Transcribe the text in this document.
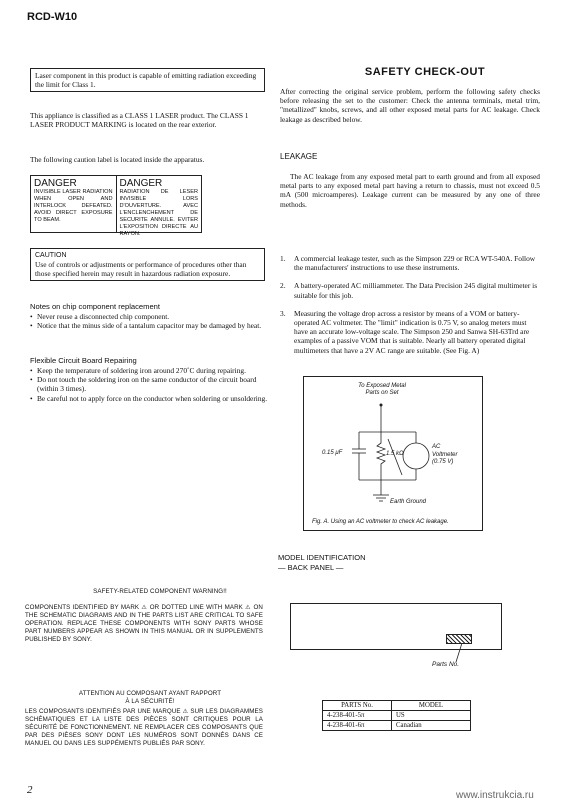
RCD-W10
Laser component in this product is capable of emitting radiation exceeding the limit for Class 1.
This appliance is classified as a CLASS 1 LASER product. The CLASS 1 LASER PRODUCT MARKING is located on the rear exterior.
The following caution label is located inside the apparatus.
DANGER
INVISIBLE LASER RADIATION WHEN OPEN AND INTERLOCK DEFEATED. AVOID DIRECT EXPOSURE TO BEAM.
DANGER
RADIATION DE LESER INVISIBLE LORS D'OUVERTURE. AVEC L'ENCLENCHEMENT DE SECURITE ANNULE. EVITER L'EXPOSITION DIRECTE AU RAYON.
CAUTION
Use of controls or adjustments or performance of procedures other than those specified herein may result in hazardous radiation exposure.
Notes on chip component replacement
• Never reuse a disconnected chip component.
• Notice that the minus side of a tantalum capacitor may be damaged by heat.
Flexible Circuit Board Repairing
• Keep the temperature of soldering iron around 270˚C during repairing.
• Do not touch the soldering iron on the same conductor of the circuit board (within 3 times).
• Be careful not to apply force on the conductor when soldering or unsoldering.
SAFETY-RELATED COMPONENT WARNING!!
COMPONENTS IDENTIFIED BY MARK ⚠ OR DOTTED LINE WITH MARK ⚠ ON THE SCHEMATIC DIAGRAMS AND IN THE PARTS LIST ARE CRITICAL TO SAFE OPERATION. REPLACE THESE COMPONENTS WITH SONY PARTS WHOSE PART NUMBERS APPEAR AS SHOWN IN THIS MANUAL OR IN SUPPLEMENTS PUBLISHED BY SONY.
ATTENTION AU COMPOSANT AYANT RAPPORT
À LA SÉCURITÉ!
LES COMPOSANTS IDENTIFIÉS PAR UNE MARQUE ⚠ SUR LES DIAGRAMMES SCHÉMATIQUES ET LA LISTE DES PIÈCES SONT CRITIQUES POUR LA SÉCURITÉ DE FONCTIONNEMENT. NE REMPLACER CES COMPOSANTS QUE PAR DES PIÈSES SONY DONT LES NUMÉROS SONT DONNÉS DANS CE MANUEL OU DANS LES SUPPÉMENTS PUBLIÉS PAR SONY.
2	www.instrukcia.ru
SAFETY CHECK-OUT
After correcting the original service problem, perform the following safety checks before releasing the set to the customer: Check the antenna terminals, metal trim, "metallized" knobs, screws, and all other exposed metal parts for AC leakage. Check leakage as described below.
LEAKAGE
The AC leakage from any exposed metal part to earth ground and from all exposed metal parts to any exposed metal part having a return to chassis, must not exceed 0.5 mA (500 microamperes). Leakage current can be measured by any one of three methods.
1. A commercial leakage tester, such as the Simpson 229 or RCA WT-540A. Follow the manufacturers' instructions to use these instruments.
2. A battery-operated AC milliammeter. The Data Precision 245 digital multimeter is suitable for this job.
3. Measuring the voltage drop across a resistor by means of a VOM or battery-operated AC voltmeter. The "limit" indication is 0.75 V, so analog meters must have an accurate low-voltage scale. The Simpson 250 and Sanwa SH-63Trd are examples of a passive VOM that is suitable. Nearly all battery operated digital multimeters that have a 2V AC range are suitable. (See Fig. A)
To Exposed Metal
Parts on Set
0.15 μF	1.5 kΩ
AC
Voltmeter
(0.75 V)
Earth Ground
Fig. A. Using an AC voltmeter to check AC leakage.
MODEL IDENTIFICATION
— BACK PANEL —
Parts No.
PARTS No.	MODEL
4-238-401-5π	US
4-238-401-6π	Canadian
